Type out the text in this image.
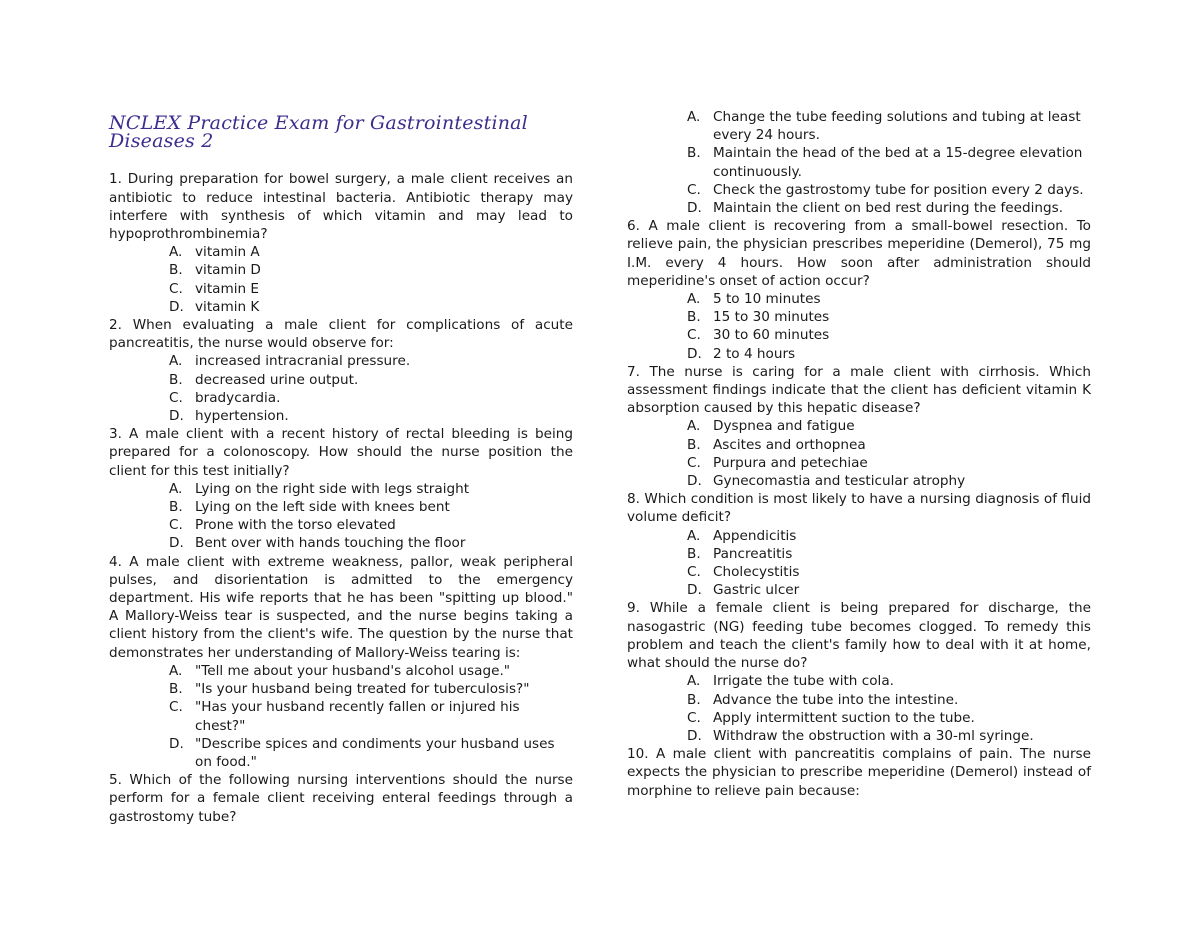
NCLEX Practice Exam for Gastrointestinal Diseases 2

1. During preparation for bowel surgery, a male client receives an antibiotic to reduce intestinal bacteria. Antibiotic therapy may interfere with synthesis of which vitamin and may lead to hypoprothrombinemia?

A. vitamin A
B. vitamin D
C. vitamin E
D. vitamin K

2. When evaluating a male client for complications of acute pancreatitis, the nurse would observe for:

A. increased intracranial pressure.
B. decreased urine output.
C. bradycardia.
D. hypertension.

3. A male client with a recent history of rectal bleeding is being prepared for a colonoscopy. How should the nurse position the client for this test initially?

A. Lying on the right side with legs straight
B. Lying on the left side with knees bent
C. Prone with the torso elevated
D. Bent over with hands touching the floor

4. A male client with extreme weakness, pallor, weak peripheral pulses, and disorientation is admitted to the emergency department. His wife reports that he has been "spitting up blood." A Mallory-Weiss tear is suspected, and the nurse begins taking a client history from the client's wife. The question by the nurse that demonstrates her understanding of Mallory-Weiss tearing is:

A. "Tell me about your husband's alcohol usage."
B. "Is your husband being treated for tuberculosis?"
C. "Has your husband recently fallen or injured his chest?"
D. "Describe spices and condiments your husband uses on food."

5. Which of the following nursing interventions should the nurse perform for a female client receiving enteral feedings through a gastrostomy tube?

A. Change the tube feeding solutions and tubing at least every 24 hours.
B. Maintain the head of the bed at a 15-degree elevation continuously.
C. Check the gastrostomy tube for position every 2 days.
D. Maintain the client on bed rest during the feedings.

6. A male client is recovering from a small-bowel resection. To relieve pain, the physician prescribes meperidine (Demerol), 75 mg I.M. every 4 hours. How soon after administration should meperidine's onset of action occur?

A. 5 to 10 minutes
B. 15 to 30 minutes
C. 30 to 60 minutes
D. 2 to 4 hours

7. The nurse is caring for a male client with cirrhosis. Which assessment findings indicate that the client has deficient vitamin K absorption caused by this hepatic disease?

A. Dyspnea and fatigue
B. Ascites and orthopnea
C. Purpura and petechiae
D. Gynecomastia and testicular atrophy

8. Which condition is most likely to have a nursing diagnosis of fluid volume deficit?

A. Appendicitis
B. Pancreatitis
C. Cholecystitis
D. Gastric ulcer

9. While a female client is being prepared for discharge, the nasogastric (NG) feeding tube becomes clogged. To remedy this problem and teach the client's family how to deal with it at home, what should the nurse do?

A. Irrigate the tube with cola.
B. Advance the tube into the intestine.
C. Apply intermittent suction to the tube.
D. Withdraw the obstruction with a 30-ml syringe.

10. A male client with pancreatitis complains of pain. The nurse expects the physician to prescribe meperidine (Demerol) instead of morphine to relieve pain because:
